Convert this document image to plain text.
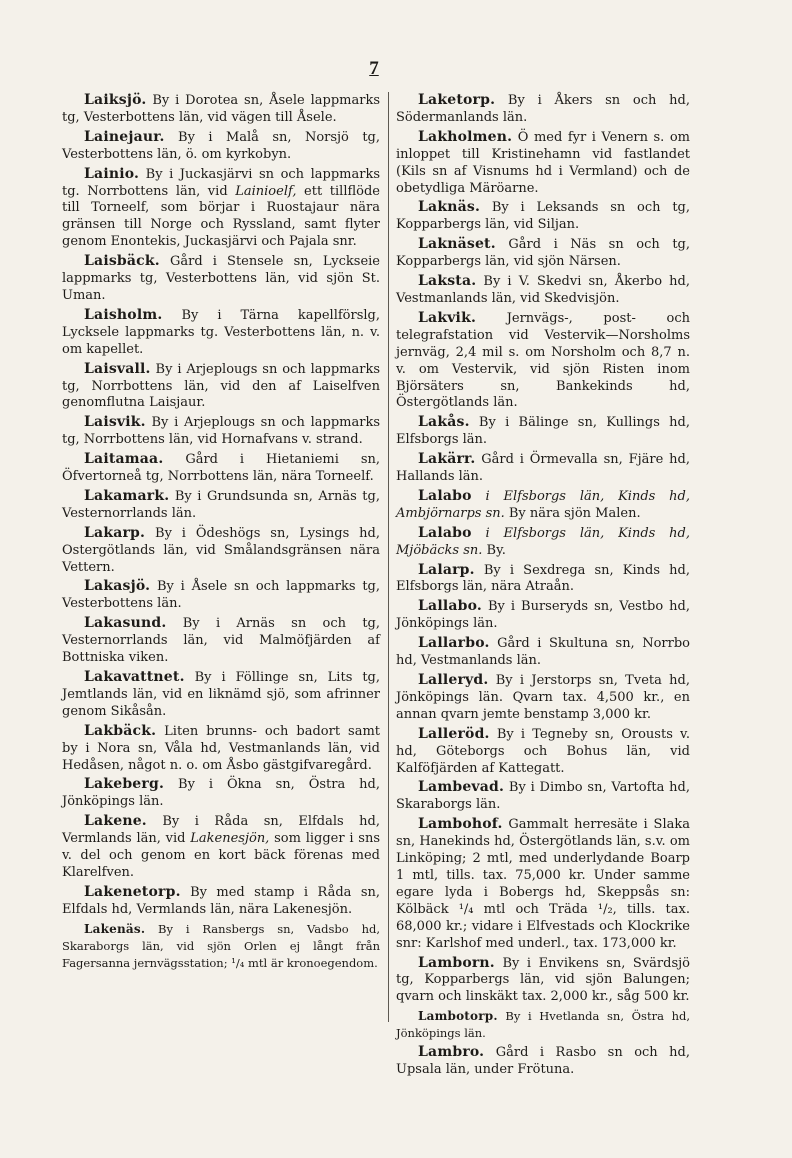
7

Laiksjö. By i Dorotea sn, Åsele lappmarks tg, Vesterbottens län, vid vägen till Åsele.

Lainejaur. By i Malå sn, Norsjö tg, Vesterbottens län, ö. om kyrkobyn.

Lainio. By i Juckasjärvi sn och lappmarks tg. Norrbottens län, vid Lainioelf, ett tillflöde till Torneelf, som börjar i Ruostajaur nära gränsen till Norge och Ryssland, samt flyter genom Enontekis, Juckasjärvi och Pajala snr.

Laisbäck. Gård i Stensele sn, Lyckseie lappmarks tg, Vesterbottens län, vid sjön St. Uman.

Laisholm. By i Tärna kapellförslg, Lycksele lappmarks tg. Vesterbottens län, n. v. om kapellet.

Laisvall. By i Arjeplougs sn och lappmarks tg, Norrbottens län, vid den af Laiselfven genomflutna Laisjaur.

Laisvik. By i Arjeplougs sn och lappmarks tg, Norrbottens län, vid Hornafvans v. strand.

Laitamaa. Gård i Hietaniemi sn, Öfvertorneå tg, Norrbottens län, nära Torneelf.

Lakamark. By i Grundsunda sn, Arnäs tg, Vesternorrlands län.

Lakarp. By i Ödeshögs sn, Lysings hd, Ostergötlands län, vid Smålandsgränsen nära Vettern.

Lakasjö. By i Åsele sn och lappmarks tg, Vesterbottens län.

Lakasund. By i Arnäs sn och tg, Vesternorrlands län, vid Malmöfjärden af Bottniska viken.

Lakavattnet. By i Föllinge sn, Lits tg, Jemtlands län, vid en liknämd sjö, som afrinner genom Sikåsån.

Lakbäck. Liten brunns- och badort samt by i Nora sn, Våla hd, Vestmanlands län, vid Hedåsen, något n. o. om Åsbo gästgifvaregård.

Lakeberg. By i Ökna sn, Östra hd, Jönköpings län.

Lakene. By i Råda sn, Elfdals hd, Vermlands län, vid Lakenesjön, som ligger i sns v. del och genom en kort bäck förenas med Klarelfven.

Lakenetorp. By med stamp i Råda sn, Elfdals hd, Vermlands län, nära Lakenesjön.

Lakenäs. By i Ransbergs sn, Vadsbo hd, Skaraborgs län, vid sjön Orlen ej långt från Fagersanna jernvägsstation; ¹/₄ mtl är kronoegendom.

Laketorp. By i Åkers sn och hd, Södermanlands län.

Lakholmen. Ö med fyr i Venern s. om inloppet till Kristinehamn vid fastlandet (Kils sn af Visnums hd i Vermland) och de obetydliga Märöarne.

Laknäs. By i Leksands sn och tg, Kopparbergs län, vid Siljan.

Laknäset. Gård i Näs sn och tg, Kopparbergs län, vid sjön Närsen.

Laksta. By i V. Skedvi sn, Åkerbo hd, Vestmanlands län, vid Skedvisjön.

Lakvik. Jernvägs-, post- och telegrafstation vid Vestervik—Norsholms jernväg, 2,4 mil s. om Norsholm och 8,7 n. v. om Vestervik, vid sjön Risten inom Björsäters sn, Bankekinds hd, Östergötlands län.

Lakås. By i Bälinge sn, Kullings hd, Elfsborgs län.

Lakärr. Gård i Örmevalla sn, Fjäre hd, Hallands län.

Lalabo i Elfsborgs län, Kinds hd, Ambjörnarps sn. By nära sjön Malen.

Lalabo i Elfsborgs län, Kinds hd, Mjöbäcks sn. By.

Lalarp. By i Sexdrega sn, Kinds hd, Elfsborgs län, nära Atraån.

Lallabo. By i Burseryds sn, Vestbo hd, Jönköpings län.

Lallarbo. Gård i Skultuna sn, Norrbo hd, Vestmanlands län.

Lalleryd. By i Jerstorps sn, Tveta hd, Jönköpings län. Qvarn tax. 4,500 kr., en annan qvarn jemte benstamp 3,000 kr.

Lalleröd. By i Tegneby sn, Orousts v. hd, Göteborgs och Bohus län, vid Kalföfjärden af Kattegatt.

Lambevad. By i Dimbo sn, Vartofta hd, Skaraborgs län.

Lambohof. Gammalt herresäte i Slaka sn, Hanekinds hd, Östergötlands län, s.v. om Linköping; 2 mtl, med underlydande Boarp 1 mtl, tills. tax. 75,000 kr. Under samme egare lyda i Bobergs hd, Skeppsås sn: Kölbäck ¹/₄ mtl och Träda ¹/₂, tills. tax. 68,000 kr.; vidare i Elfvestads och Klockrike snr: Karlshof med underl., tax. 173,000 kr.

Lamborn. By i Envikens sn, Svärdsjö tg, Kopparbergs län, vid sjön Balungen; qvarn och linskäkt tax. 2,000 kr., såg 500 kr.

Lambotorp. By i Hvetlanda sn, Östra hd, Jönköpings län.

Lambro. Gård i Rasbo sn och hd, Upsala län, under Frötuna.
